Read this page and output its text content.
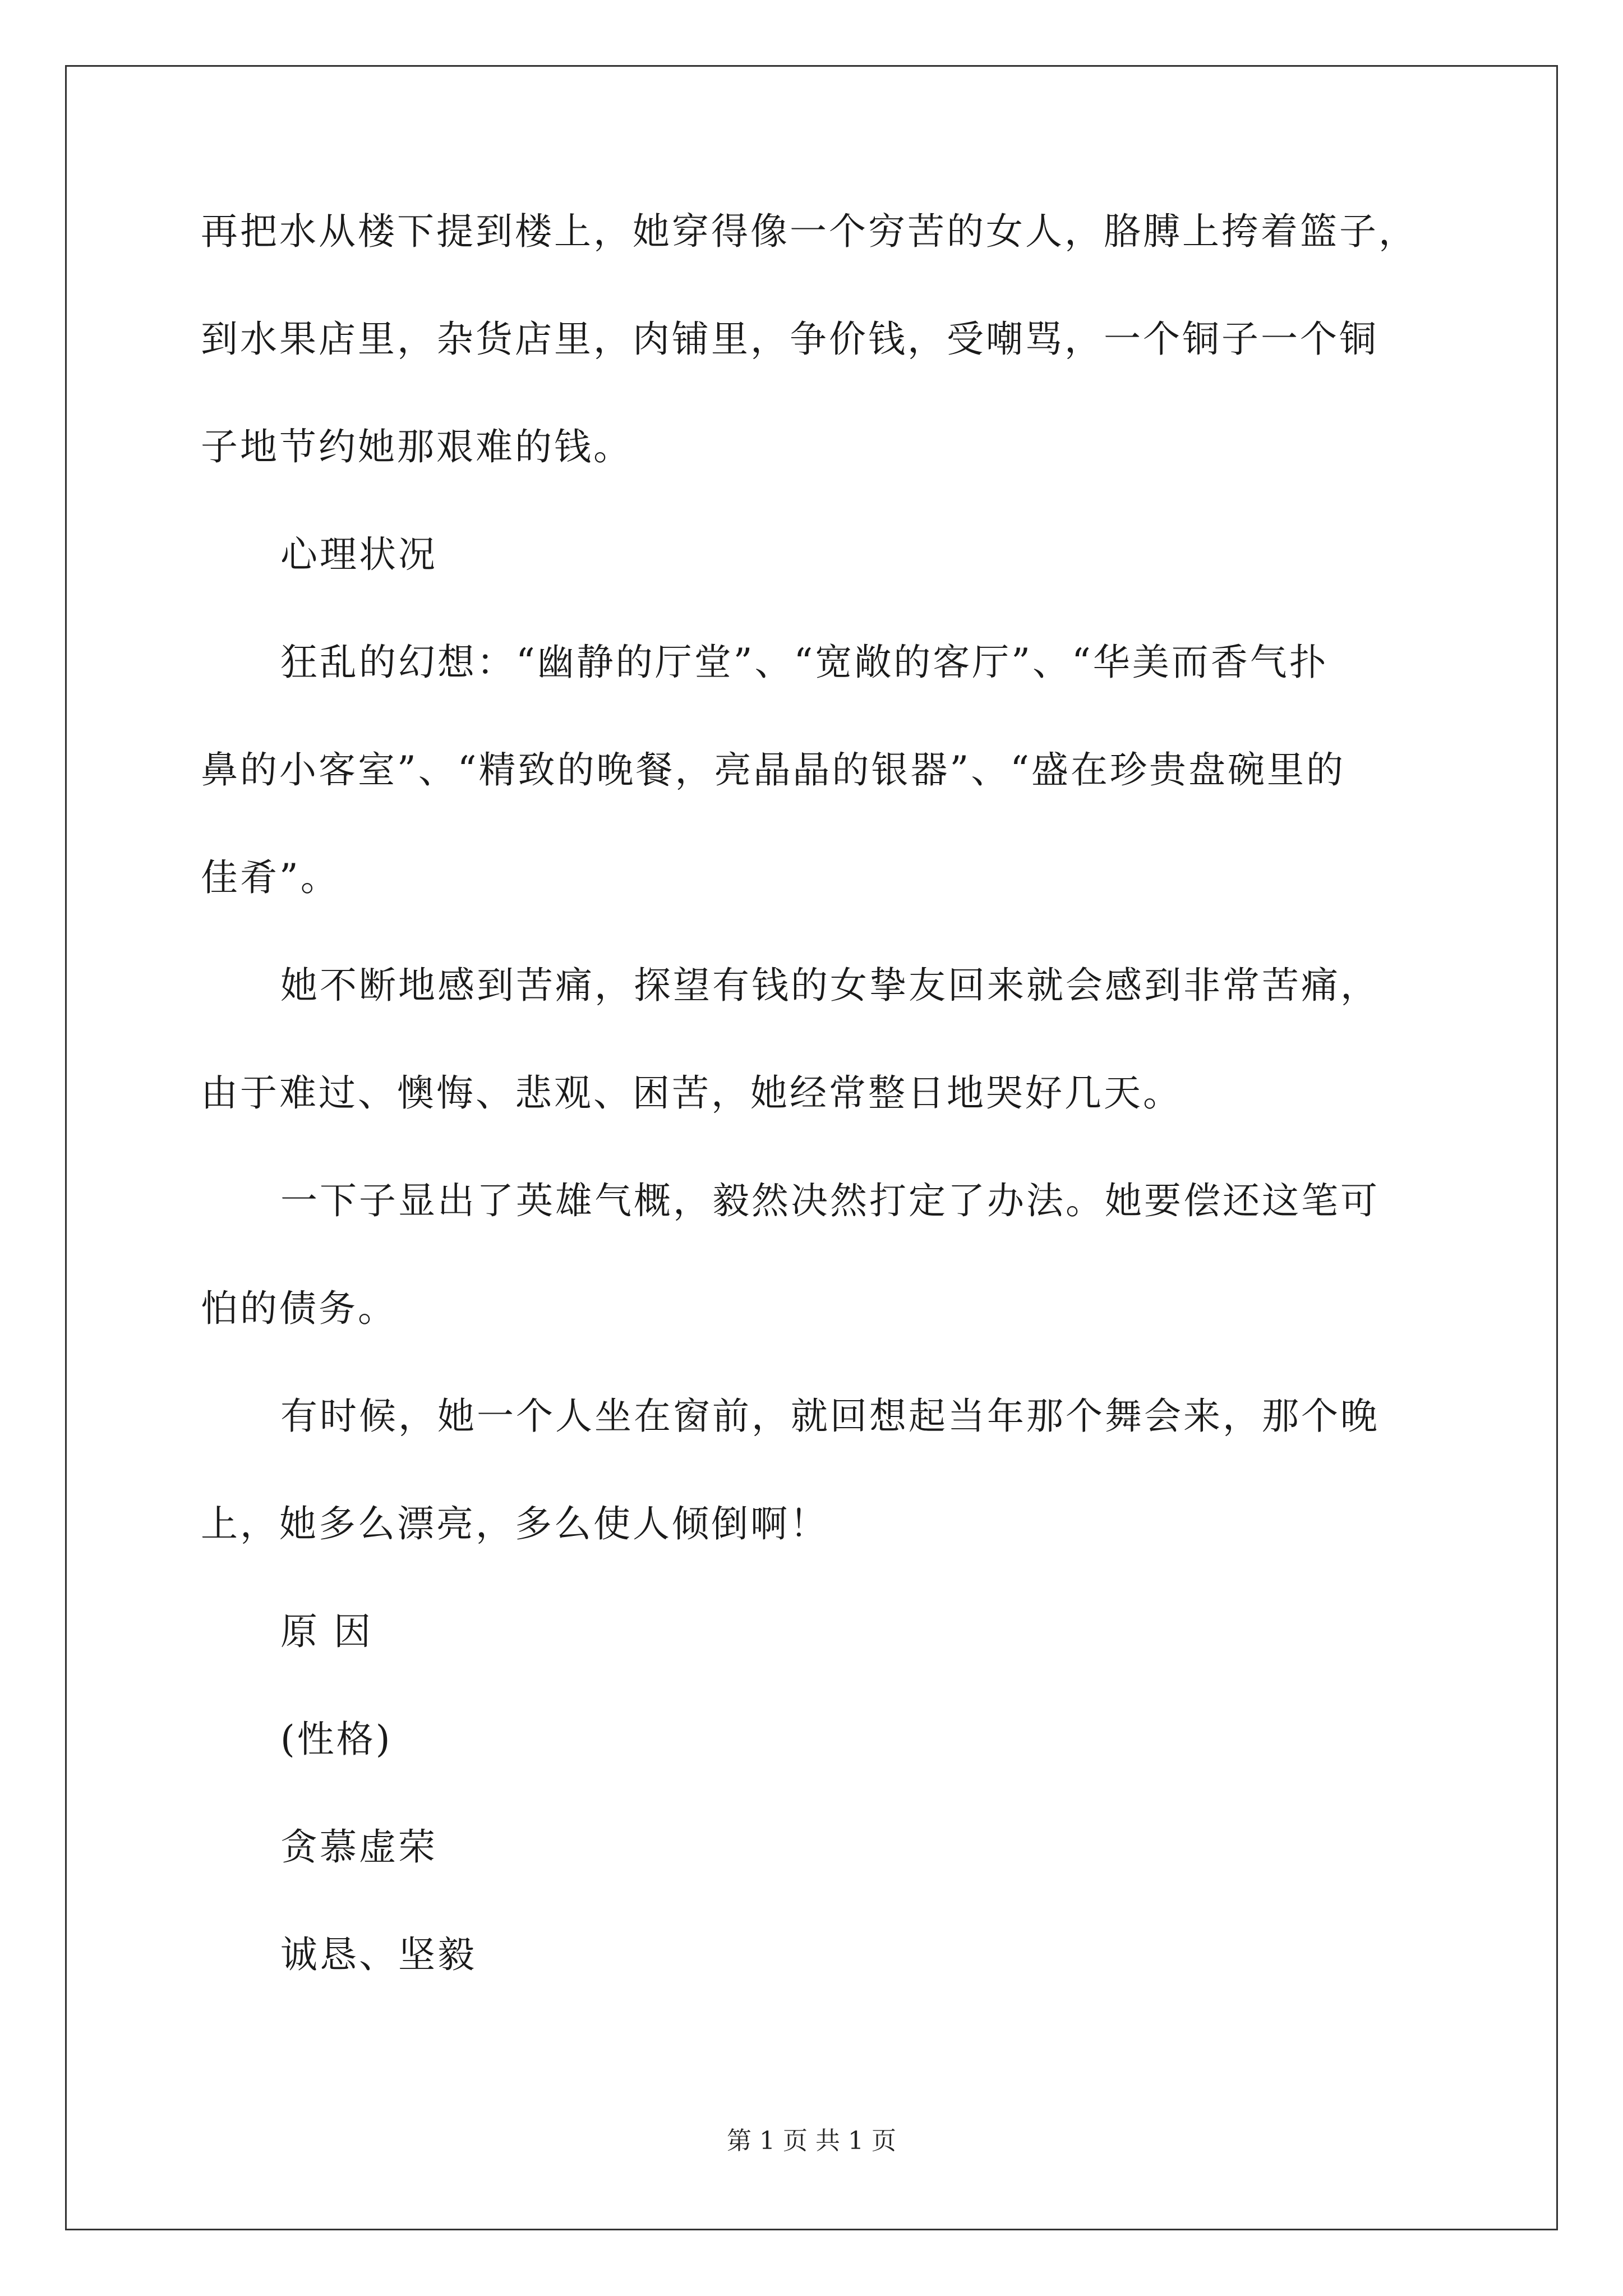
再把水从楼下提到楼上，她穿得像一个穷苦的女人，胳膊上挎着篮子，
到水果店里，杂货店里，肉铺里，争价钱，受嘲骂，一个铜子一个铜
子地节约她那艰难的钱。
心理状况
狂乱的幻想：“幽静的厅堂”、“宽敞的客厅”、“华美而香气扑
鼻的小客室”、“精致的晚餐，亮晶晶的银器”、“盛在珍贵盘碗里的
佳肴”。
她不断地感到苦痛，探望有钱的女挚友回来就会感到非常苦痛，
由于难过、懊悔、悲观、困苦，她经常整日地哭好几天。
一下子显出了英雄气概，毅然决然打定了办法。她要偿还这笔可
怕的债务。
有时候，她一个人坐在窗前，就回想起当年那个舞会来，那个晚
上，她多么漂亮，多么使人倾倒啊！
原 因
(性格)
贪慕虚荣
诚恳、坚毅
第 1 页 共 1 页
